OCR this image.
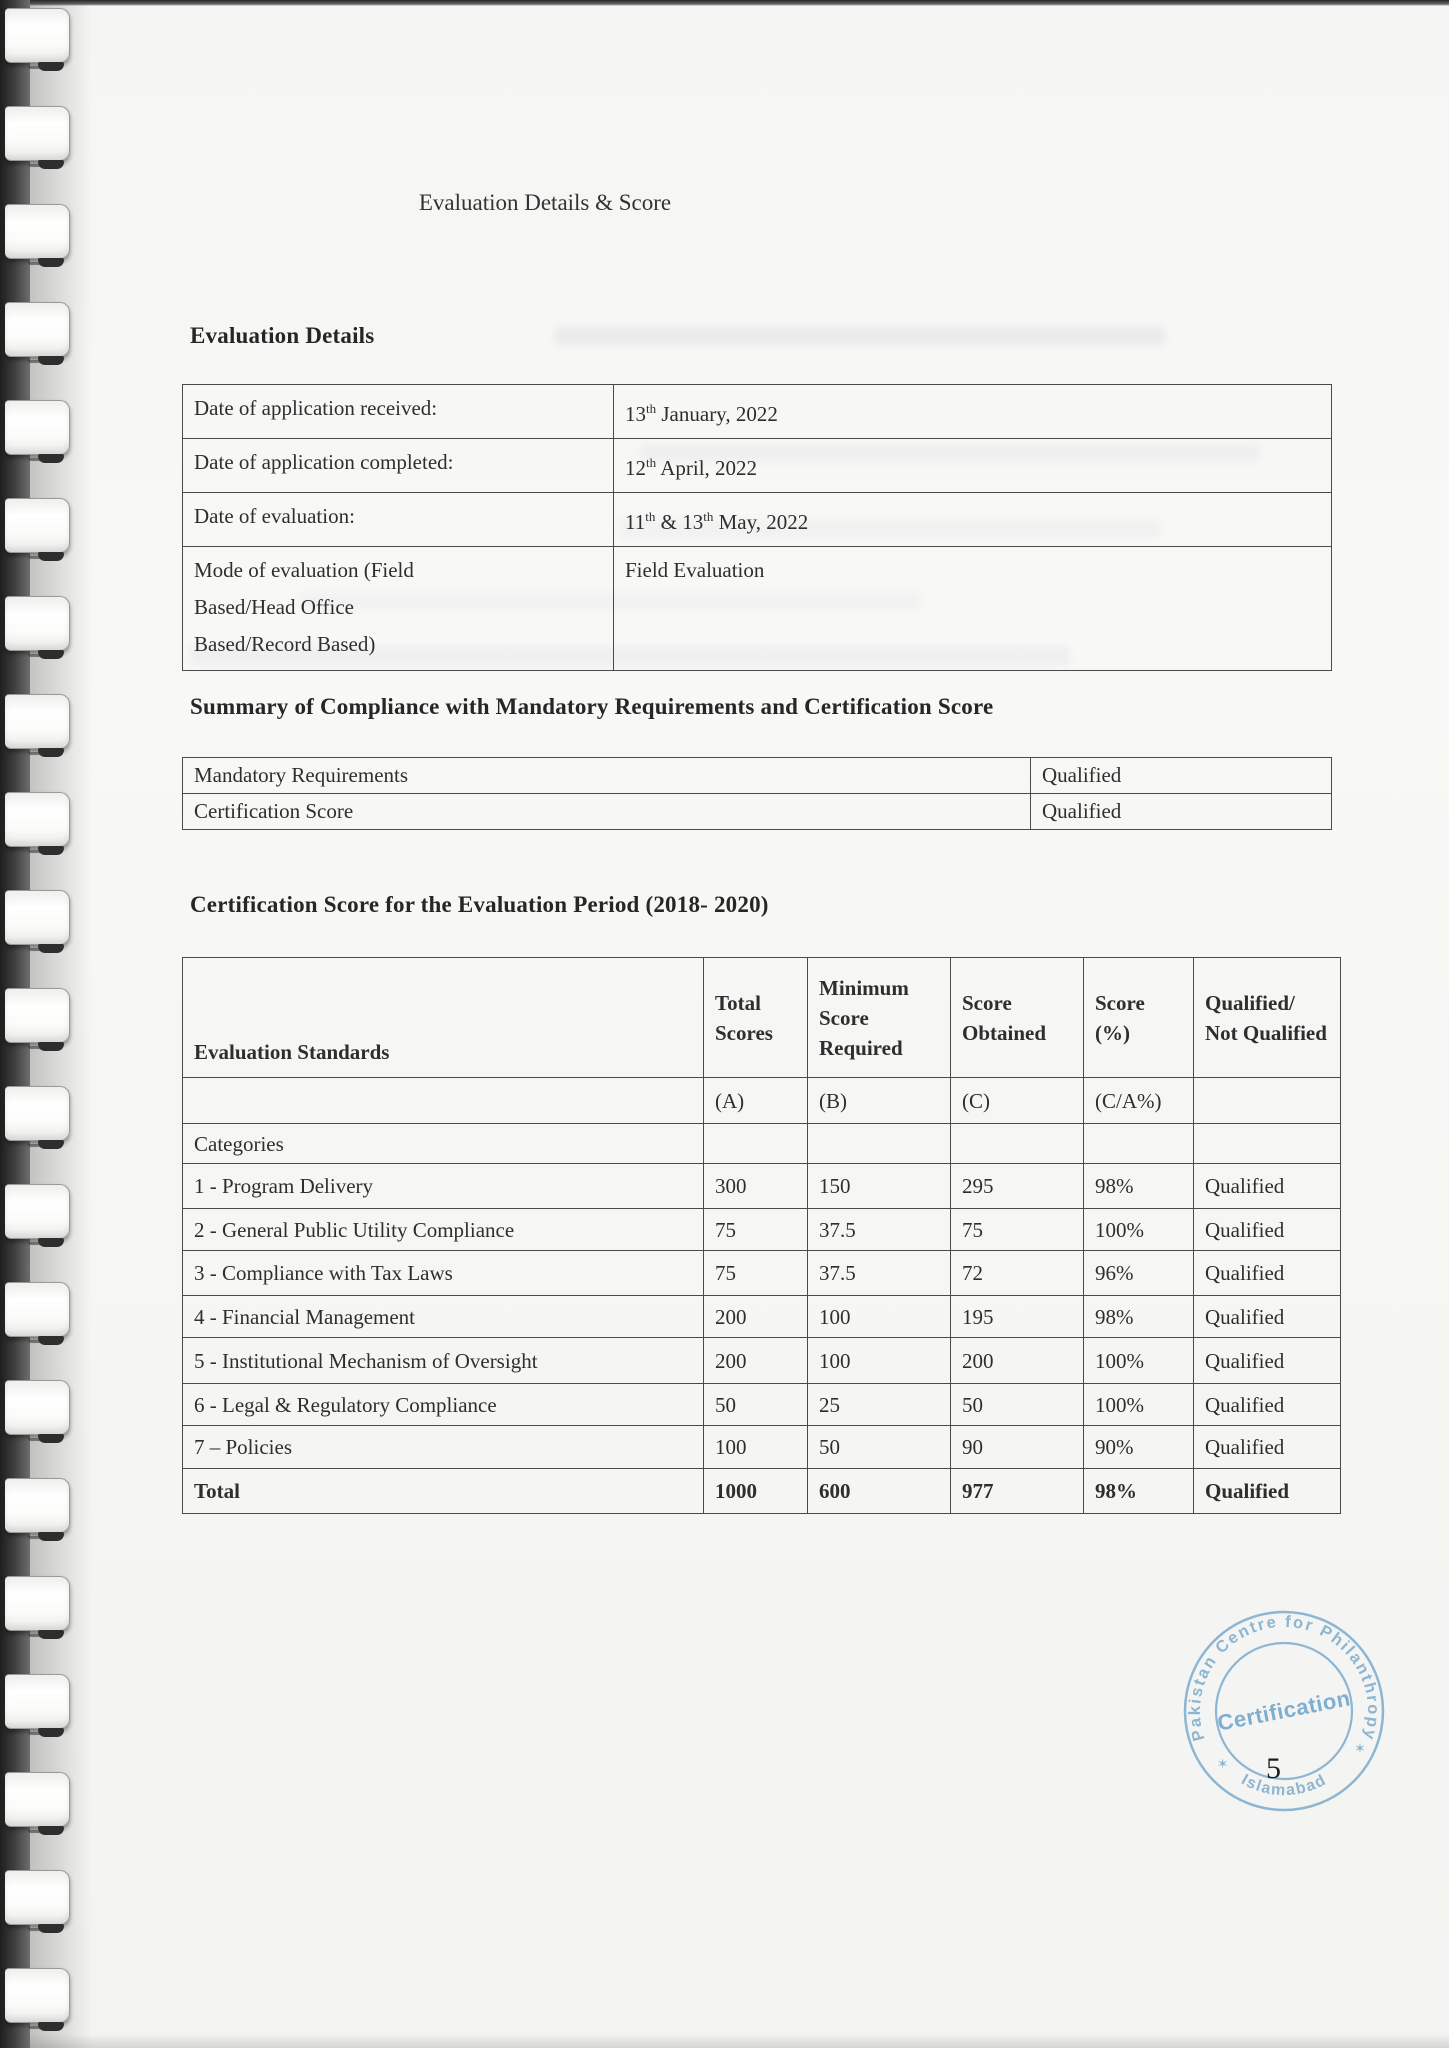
Evaluation Details & Score
Evaluation Details
Date of application received:	13th January, 2022

Date of application completed:	12th April, 2022

Date of evaluation:	11th & 13th May, 2022

Mode of evaluation (Field
Based/Head Office
Based/Record Based)	Field Evaluation
Summary of Compliance with Mandatory Requirements and Certification Score
Mandatory Requirements	Qualified
Certification Score	Qualified
Certification Score for the Evaluation Period (2018- 2020)
Evaluation Standards	Total Scores	Minimum Score Required	Score Obtained	Score (%)	Qualified/ Not Qualified
	(A)	(B)	(C)	(C/A%)	
Categories					
1 - Program Delivery	300	150	295	98%	Qualified
2 - General Public Utility Compliance	75	37.5	75	100%	Qualified
3 - Compliance with Tax Laws	75	37.5	72	96%	Qualified
4 - Financial Management	200	100	195	98%	Qualified
5 - Institutional Mechanism of Oversight	200	100	200	100%	Qualified
6 - Legal & Regulatory Compliance	50	25	50	100%	Qualified
7 – Policies	100	50	90	90%	Qualified
Total	1000	600	977	98%	Qualified
Pakistan Centre for Philanthropy
Islamabad
Certification
✶
✶
5
